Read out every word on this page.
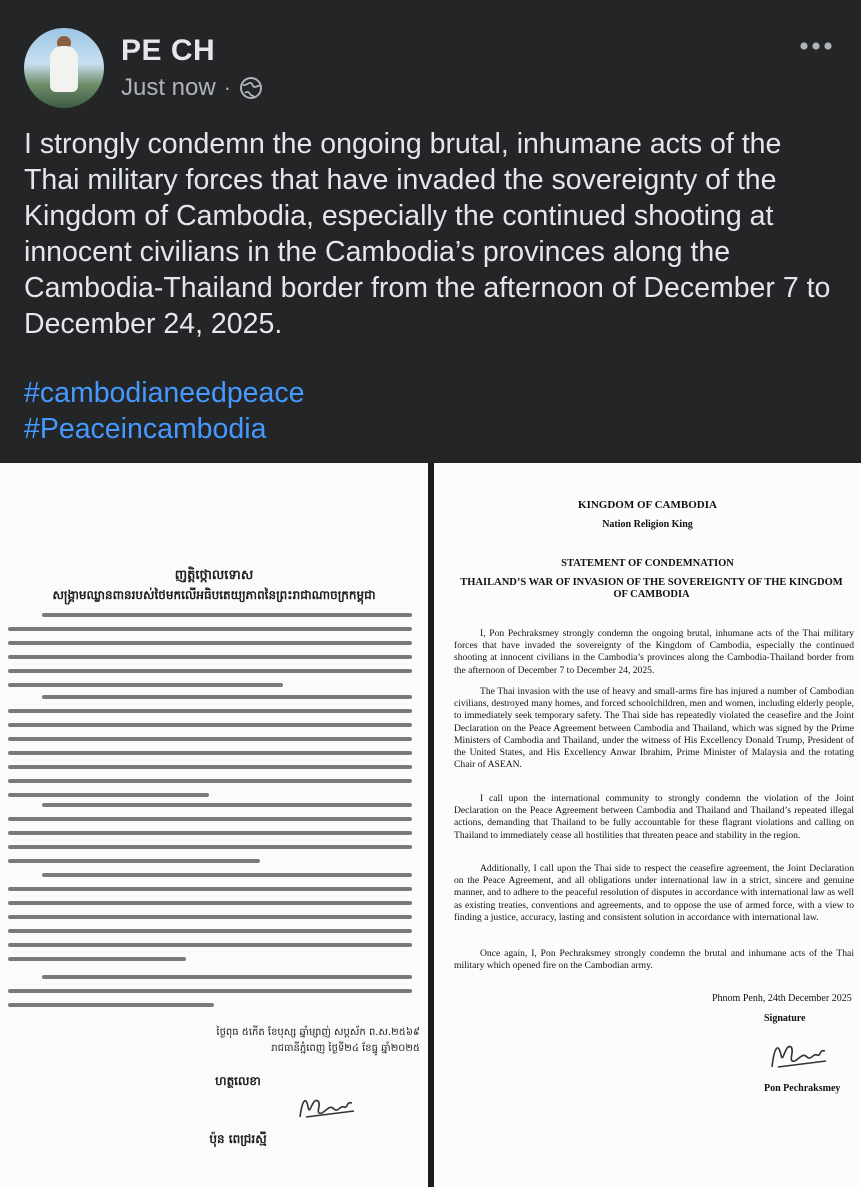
PE CH
Just now ·

I strongly condemn the ongoing brutal, inhumane acts of the Thai military forces that have invaded the sovereignty of the Kingdom of Cambodia, especially the continued shooting at innocent civilians in the Cambodia’s provinces along the Cambodia-Thailand border from the afternoon of December 7 to December 24, 2025.

#cambodianeedpeace
#Peaceincambodia
ញត្តិថ្កោលទោស
សង្គ្រាមឈ្លានពានរបស់ថៃមកលើអធិបតេយ្យភាពនៃព្រះរាជាណាចក្រកម្ពុជា
ថ្ងៃពុធ ៥កើត ខែបុស្ស ឆ្នាំម្សាញ់ សប្តស័ក ព.ស.២៥៦៩
រាជធានីភ្នំពេញ ថ្ងៃទី២៤ ខែធ្នូ ឆ្នាំ២០២៥
ហត្ថលេខា
ប៉ុន ពេជ្ររស្មី
KINGDOM OF CAMBODIA
Nation Religion King
STATEMENT OF CONDEMNATION
THAILAND’S WAR OF INVASION OF THE SOVEREIGNTY OF THE KINGDOM OF CAMBODIA

I, Pon Pechraksmey strongly condemn the ongoing brutal, inhumane acts of the Thai military forces that have invaded the sovereignty of the Kingdom of Cambodia, especially the continued shooting at innocent civilians in the Cambodia’s provinces along the Cambodia-Thailand border from the afternoon of December 7 to December 24, 2025.

The Thai invasion with the use of heavy and small-arms fire has injured a number of Cambodian civilians, destroyed many homes, and forced schoolchildren, men and women, including elderly people, to immediately seek temporary safety. The Thai side has repeatedly violated the ceasefire and the Joint Declaration on the Peace Agreement between Cambodia and Thailand, which was signed by the Prime Ministers of Cambodia and Thailand, under the witness of His Excellency Donald Trump, President of the United States, and His Excellency Anwar Ibrahim, Prime Minister of Malaysia and the rotating Chair of ASEAN.

I call upon the international community to strongly condemn the violation of the Joint Declaration on the Peace Agreement between Cambodia and Thailand and Thailand’s repeated illegal actions, demanding that Thailand to be fully accountable for these flagrant violations and calling on Thailand to immediately cease all hostilities that threaten peace and stability in the region.

Additionally, I call upon the Thai side to respect the ceasefire agreement, the Joint Declaration on the Peace Agreement, and all obligations under international law in a strict, sincere and genuine manner, and to adhere to the peaceful resolution of disputes in accordance with international law as well as existing treaties, conventions and agreements, and to oppose the use of armed force, with a view to finding a justice, accuracy, lasting and consistent solution in accordance with international law.

Once again, I, Pon Pechraksmey strongly condemn the brutal and inhumane acts of the Thai military which opened fire on the Cambodian army.

Phnom Penh, 24th December 2025
Signature
Pon Pechraksmey
